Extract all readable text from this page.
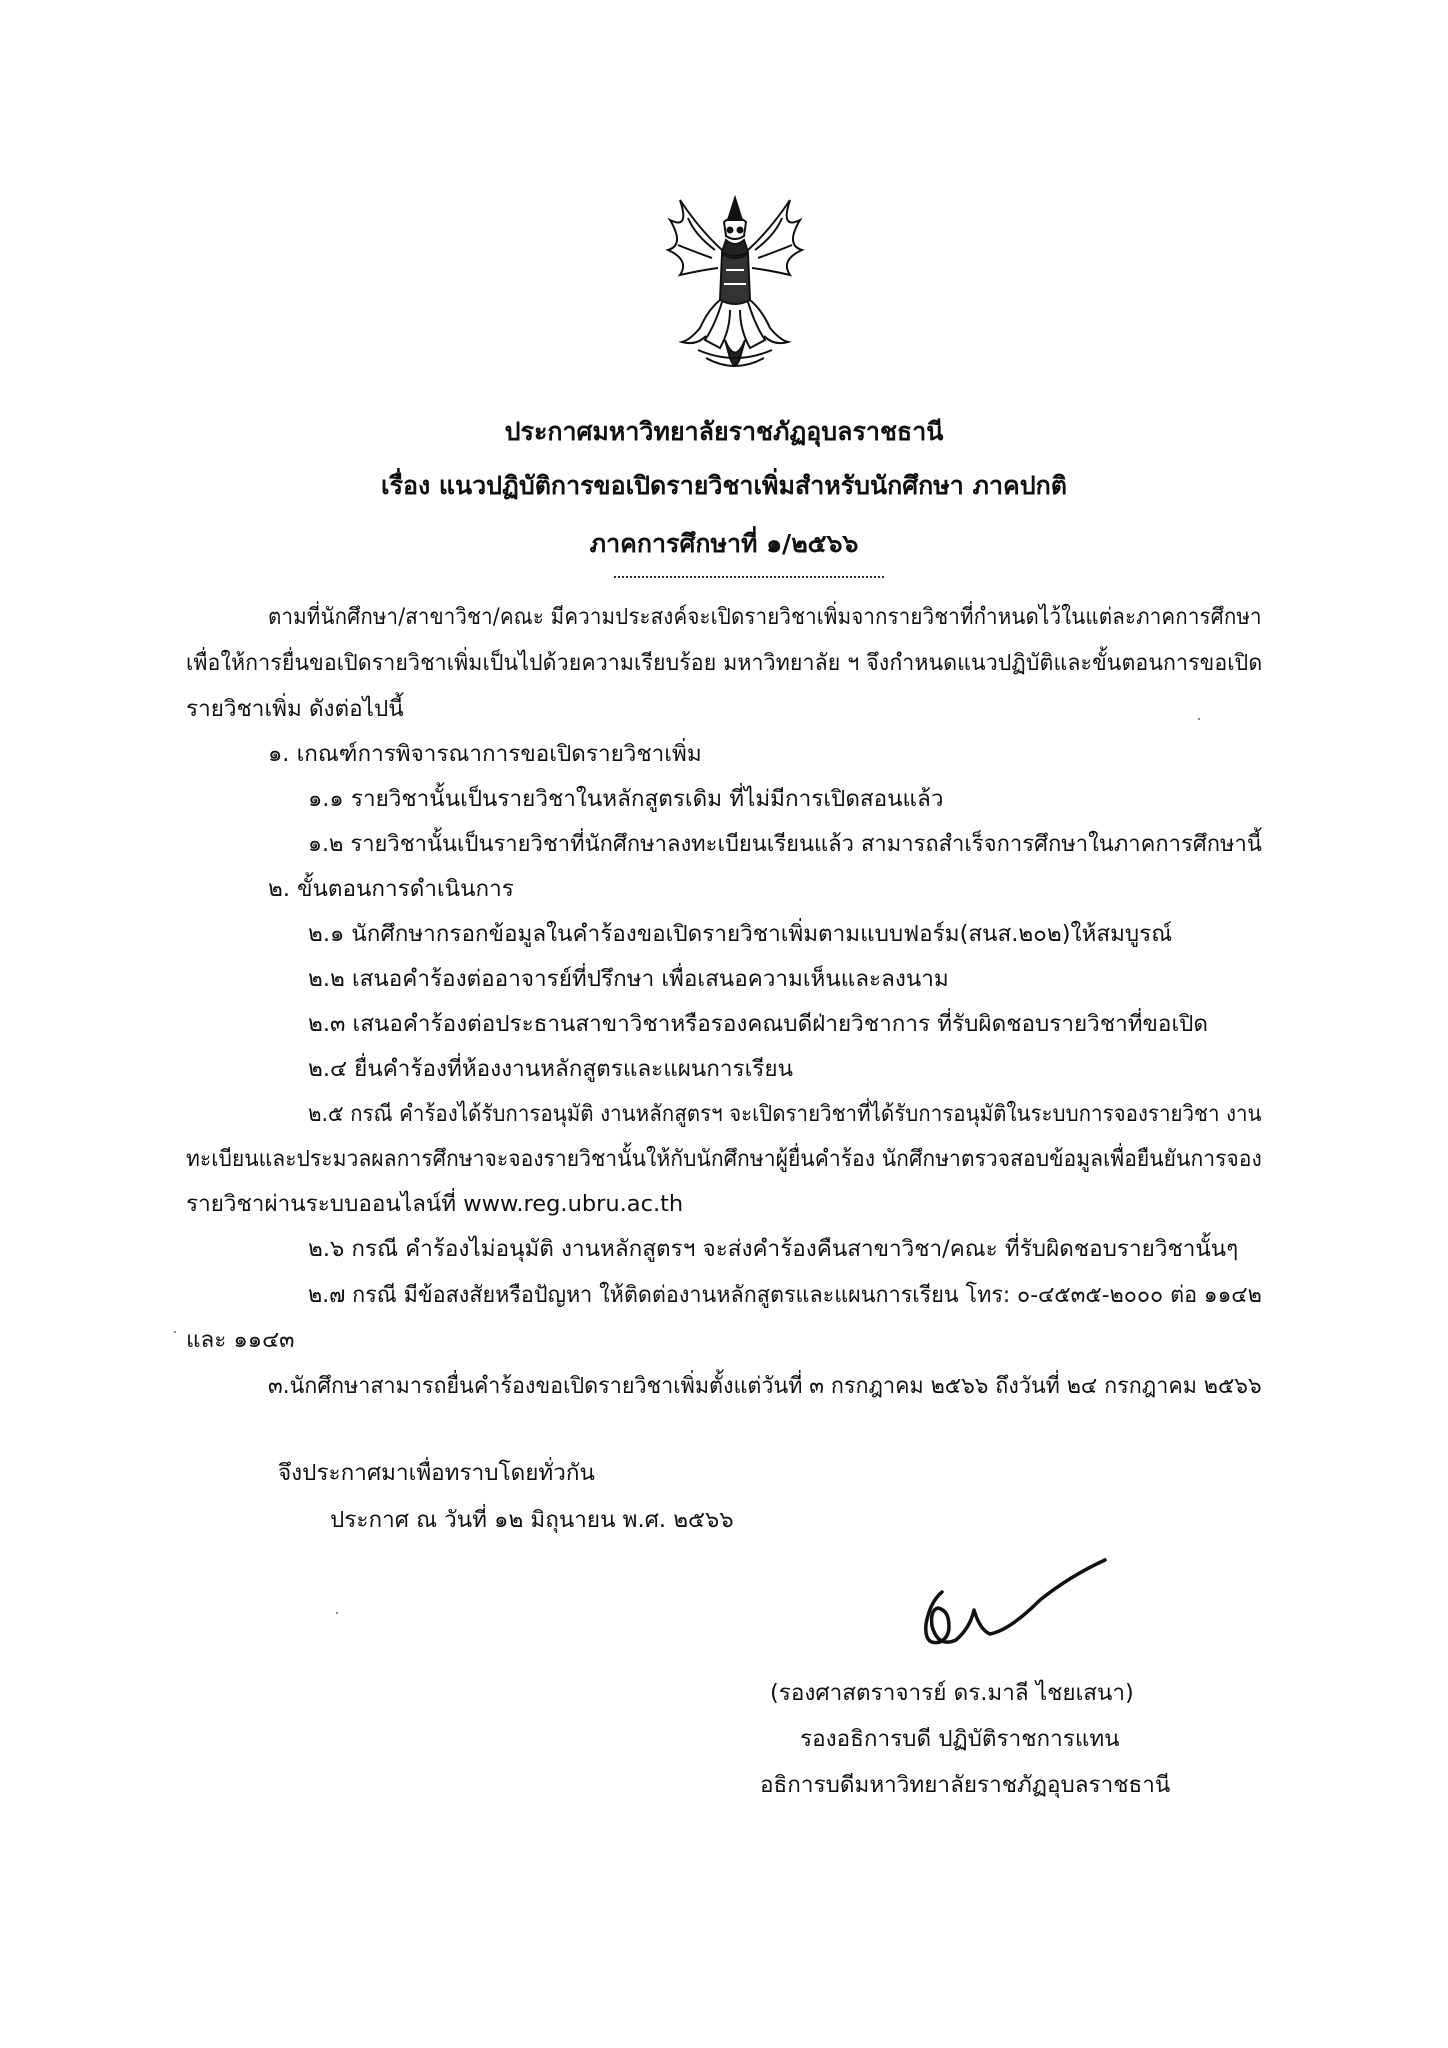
ประกาศมหาวิทยาลัยราชภัฏอุบลราชธานี
เรื่อง แนวปฏิบัติการขอเปิดรายวิชาเพิ่มสำหรับนักศึกษา ภาคปกติ
ภาคการศึกษาที่ ๑/๒๕๖๖
ตามที่นักศึกษา/สาขาวิชา/คณะ มีความประสงค์จะเปิดรายวิชาเพิ่มจากรายวิชาที่กำหนดไว้ในแต่ละภาคการศึกษา
เพื่อให้การยื่นขอเปิดรายวิชาเพิ่มเป็นไปด้วยความเรียบร้อย มหาวิทยาลัย ฯ จึงกำหนดแนวปฏิบัติและขั้นตอนการขอเปิด
รายวิชาเพิ่ม ดังต่อไปนี้
๑. เกณฑ์การพิจารณาการขอเปิดรายวิชาเพิ่ม
๑.๑ รายวิชานั้นเป็นรายวิชาในหลักสูตรเดิม ที่ไม่มีการเปิดสอนแล้ว
๑.๒ รายวิชานั้นเป็นรายวิชาที่นักศึกษาลงทะเบียนเรียนแล้ว สามารถสำเร็จการศึกษาในภาคการศึกษานี้
๒. ขั้นตอนการดำเนินการ
๒.๑ นักศึกษากรอกข้อมูลในคำร้องขอเปิดรายวิชาเพิ่มตามแบบฟอร์ม(สนส.๒๐๒)ให้สมบูรณ์
๒.๒ เสนอคำร้องต่ออาจารย์ที่ปรึกษา เพื่อเสนอความเห็นและลงนาม
๒.๓ เสนอคำร้องต่อประธานสาขาวิชาหรือรองคณบดีฝ่ายวิชาการ ที่รับผิดชอบรายวิชาที่ขอเปิด
๒.๔ ยื่นคำร้องที่ห้องงานหลักสูตรและแผนการเรียน
๒.๕ กรณี คำร้องได้รับการอนุมัติ งานหลักสูตรฯ จะเปิดรายวิชาที่ได้รับการอนุมัติในระบบการจองรายวิชา งาน
ทะเบียนและประมวลผลการศึกษาจะจองรายวิชานั้นให้กับนักศึกษาผู้ยื่นคำร้อง นักศึกษาตรวจสอบข้อมูลเพื่อยืนยันการจอง
รายวิชาผ่านระบบออนไลน์ที่ www.reg.ubru.ac.th
๒.๖ กรณี คำร้องไม่อนุมัติ งานหลักสูตรฯ จะส่งคำร้องคืนสาขาวิชา/คณะ ที่รับผิดชอบรายวิชานั้นๆ
๒.๗ กรณี มีข้อสงสัยหรือปัญหา ให้ติดต่องานหลักสูตรและแผนการเรียน โทร: ๐-๔๕๓๕-๒๐๐๐ ต่อ ๑๑๔๒
และ ๑๑๔๓
๓.นักศึกษาสามารถยื่นคำร้องขอเปิดรายวิชาเพิ่มตั้งแต่วันที่ ๓ กรกฎาคม ๒๕๖๖ ถึงวันที่ ๒๔ กรกฎาคม ๒๕๖๖
จึงประกาศมาเพื่อทราบโดยทั่วกัน
ประกาศ ณ วันที่ ๑๒ มิถุนายน พ.ศ. ๒๕๖๖
(รองศาสตราจารย์ ดร.มาลี ไชยเสนา)
รองอธิการบดี ปฏิบัติราชการแทน
อธิการบดีมหาวิทยาลัยราชภัฏอุบลราชธานี
